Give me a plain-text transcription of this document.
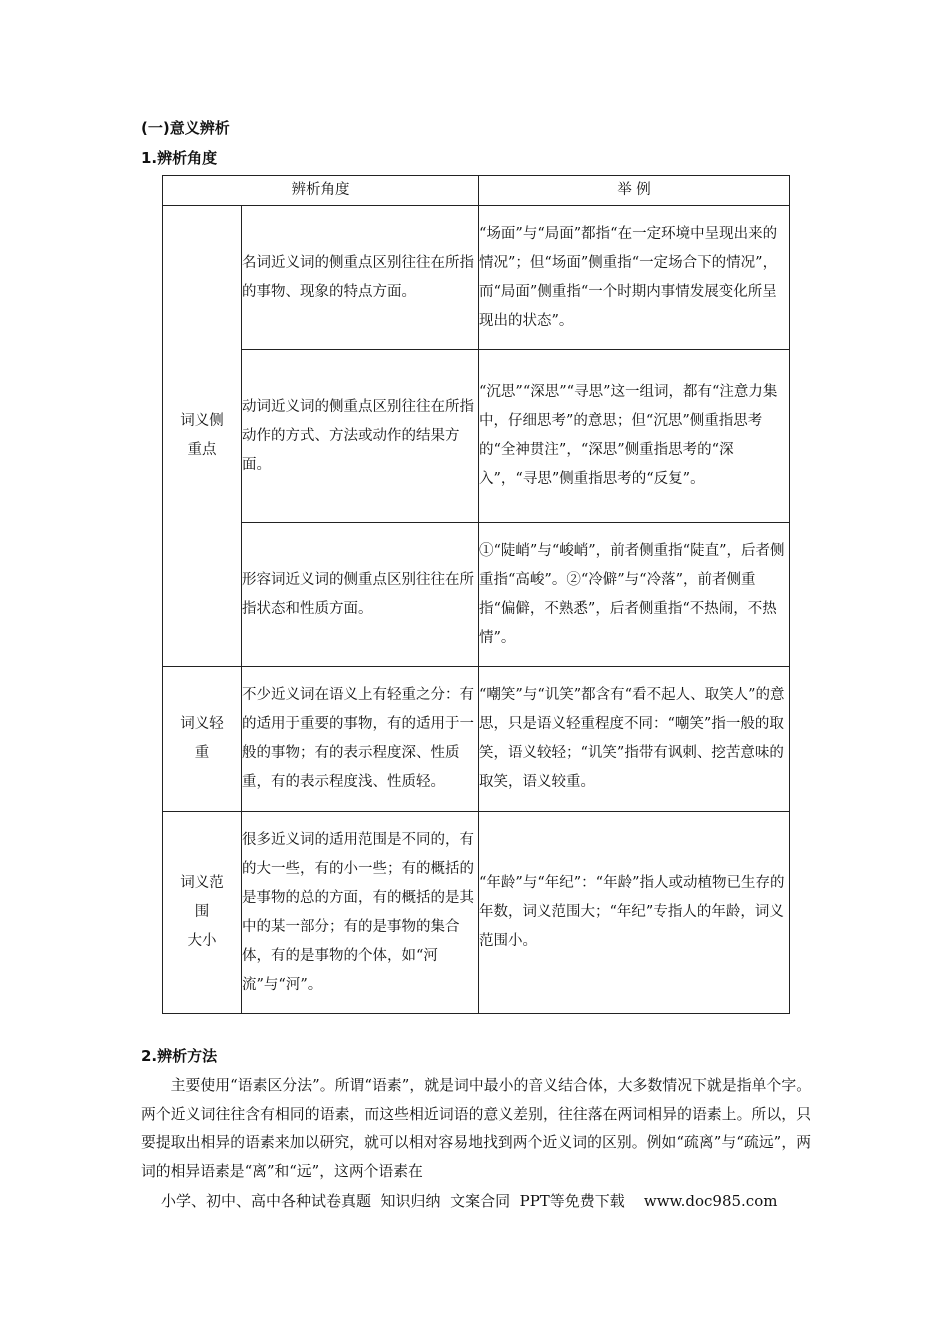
(一)意义辨析
1.辨析角度
辨析角度		举 例
词义侧
重点	名词近义词的侧重点区别往往在所指的事物、现象的特点方面。	“场面”与“局面”都指“在一定环境中呈现出来的情况”；但“场面”侧重指“一定场合下的情况”，而“局面”侧重指“一个时期内事情发展变化所呈现出的状态”。
	动词近义词的侧重点区别往往在所指动作的方式、方法或动作的结果方面。	“沉思”“深思”“寻思”这一组词，都有“注意力集中，仔细思考”的意思；但“沉思”侧重指思考的“全神贯注”，“深思”侧重指思考的“深入”，“寻思”侧重指思考的“反复”。
	形容词近义词的侧重点区别往往在所指状态和性质方面。	①“陡峭”与“峻峭”，前者侧重指“陡直”，后者侧重指“高峻”。②“冷僻”与“冷落”，前者侧重指“偏僻，不熟悉”，后者侧重指“不热闹，不热情”。
词义轻
重	不少近义词在语义上有轻重之分：有的适用于重要的事物，有的适用于一般的事物；有的表示程度深、性质重，有的表示程度浅、性质轻。	“嘲笑”与“讥笑”都含有“看不起人、取笑人”的意思，只是语义轻重程度不同：“嘲笑”指一般的取笑，语义较轻；“讥笑”指带有讽刺、挖苦意味的取笑，语义较重。
词义范
围
大小	很多近义词的适用范围是不同的，有的大一些，有的小一些；有的概括的是事物的总的方面，有的概括的是其中的某一部分；有的是事物的集合体，有的是事物的个体，如“河流”与“河”。	“年龄”与“年纪”：“年龄”指人或动植物已生存的年数，词义范围大；“年纪”专指人的年龄，词义范围小。
2.辨析方法
主要使用“语素区分法”。所谓“语素”，就是词中最小的音义结合体，大多数情况下就是指单个字。两个近义词往往含有相同的语素，而这些相近词语的意义差别，往往落在两词相异的语素上。所以，只要提取出相异的语素来加以研究，就可以相对容易地找到两个近义词的区别。例如“疏离”与“疏远”，两词的相异语素是“离”和“远”，这两个语素在
小学、初中、高中各种试卷真题  知识归纳  文案合同  PPT等免费下载    www.doc985.com
